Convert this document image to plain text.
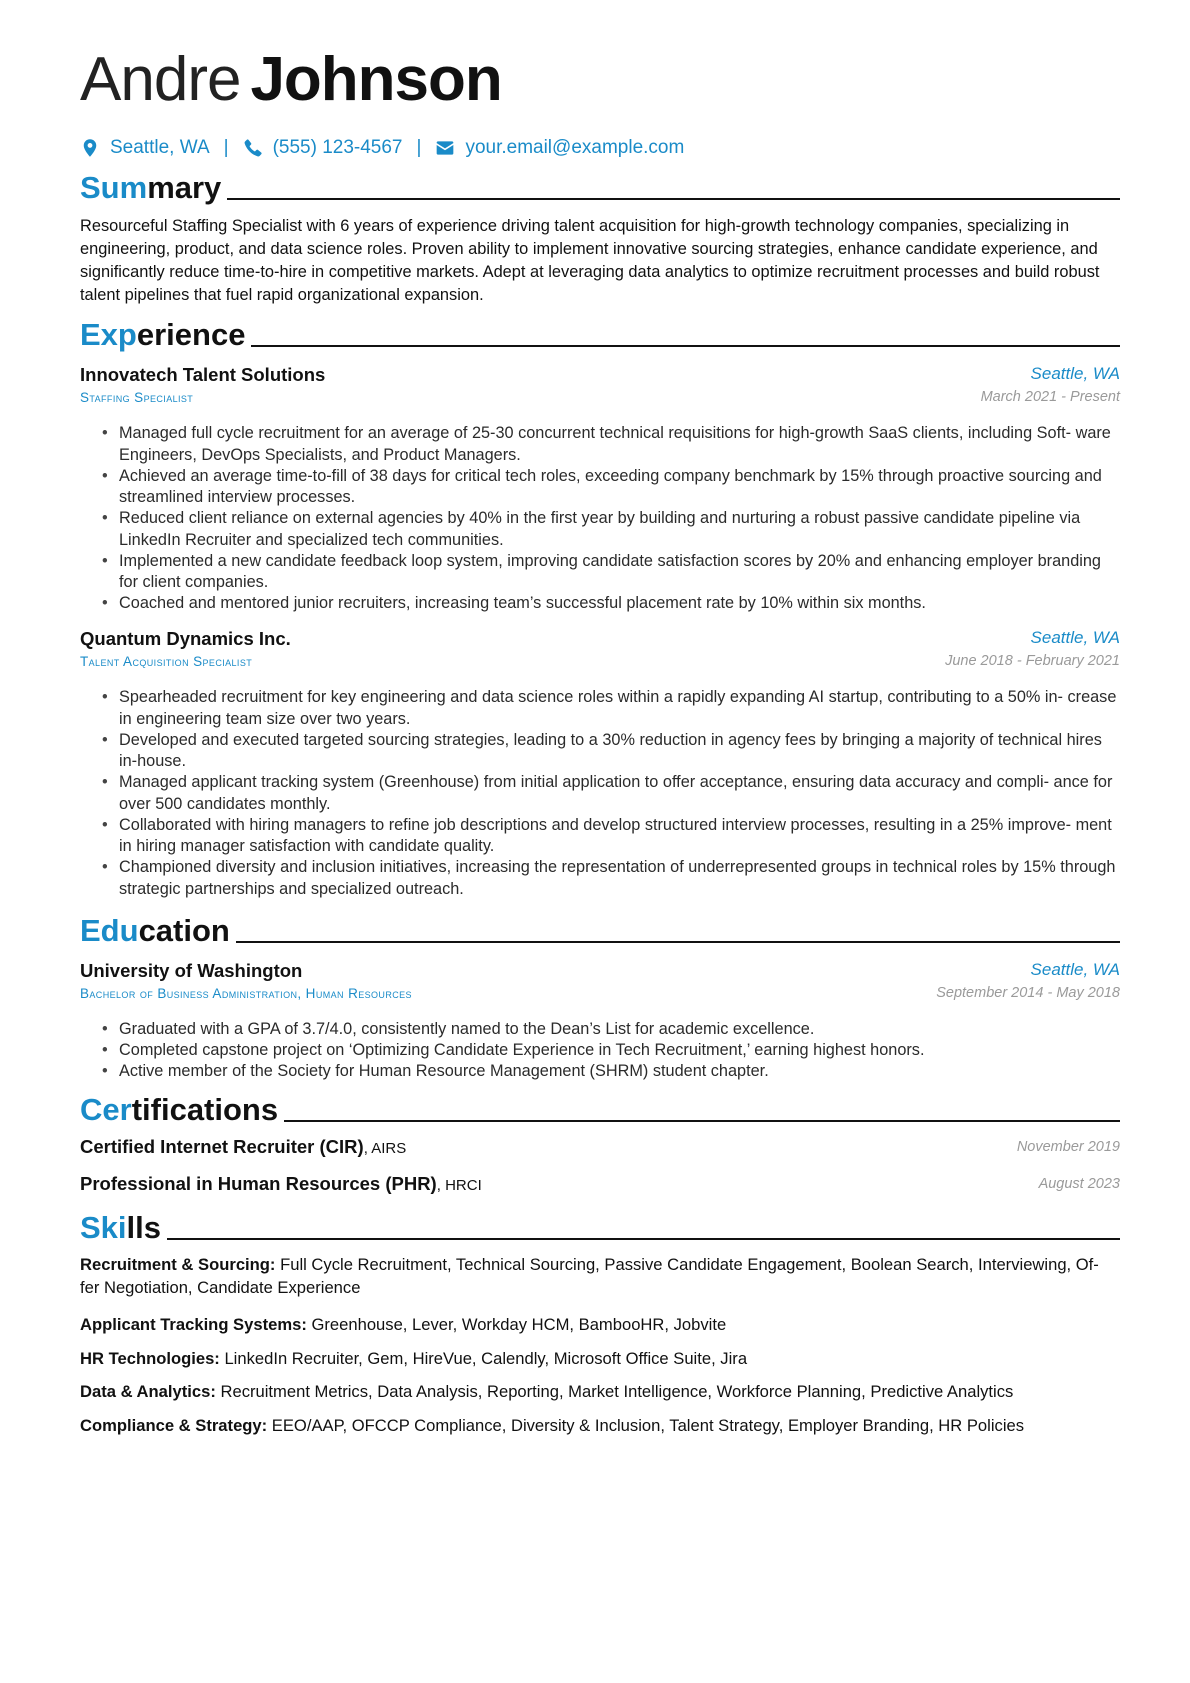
Andre Johnson
Seattle, WA | (555) 123-4567 | your.email@example.com
Summary
Resourceful Staffing Specialist with 6 years of experience driving talent acquisition for high-growth technology companies, specializing in engineering, product, and data science roles. Proven ability to implement innovative sourcing strategies, enhance candidate experience, and significantly reduce time-to-hire in competitive markets. Adept at leveraging data analytics to optimize recruitment processes and build robust talent pipelines that fuel rapid organizational expansion.
Experience
Innovatech Talent Solutions	Seattle, WA
Staffing Specialist	March 2021 - Present
• Managed full cycle recruitment for an average of 25-30 concurrent technical requisitions for high-growth SaaS clients, including Soft- ware Engineers, DevOps Specialists, and Product Managers.
• Achieved an average time-to-fill of 38 days for critical tech roles, exceeding company benchmark by 15% through proactive sourcing and streamlined interview processes.
• Reduced client reliance on external agencies by 40% in the first year by building and nurturing a robust passive candidate pipeline via LinkedIn Recruiter and specialized tech communities.
• Implemented a new candidate feedback loop system, improving candidate satisfaction scores by 20% and enhancing employer branding for client companies.
• Coached and mentored junior recruiters, increasing team’s successful placement rate by 10% within six months.
Quantum Dynamics Inc.	Seattle, WA
Talent Acquisition Specialist	June 2018 - February 2021
• Spearheaded recruitment for key engineering and data science roles within a rapidly expanding AI startup, contributing to a 50% in- crease in engineering team size over two years.
• Developed and executed targeted sourcing strategies, leading to a 30% reduction in agency fees by bringing a majority of technical hires in-house.
• Managed applicant tracking system (Greenhouse) from initial application to offer acceptance, ensuring data accuracy and compli- ance for over 500 candidates monthly.
• Collaborated with hiring managers to refine job descriptions and develop structured interview processes, resulting in a 25% improve- ment in hiring manager satisfaction with candidate quality.
• Championed diversity and inclusion initiatives, increasing the representation of underrepresented groups in technical roles by 15% through strategic partnerships and specialized outreach.
Education
University of Washington	Seattle, WA
Bachelor of Business Administration, Human Resources	September 2014 - May 2018
• Graduated with a GPA of 3.7/4.0, consistently named to the Dean’s List for academic excellence.
• Completed capstone project on ‘Optimizing Candidate Experience in Tech Recruitment,’ earning highest honors.
• Active member of the Society for Human Resource Management (SHRM) student chapter.
Certifications
Certified Internet Recruiter (CIR), AIRS	November 2019
Professional in Human Resources (PHR), HRCI	August 2023
Skills
Recruitment & Sourcing: Full Cycle Recruitment, Technical Sourcing, Passive Candidate Engagement, Boolean Search, Interviewing, Of- fer Negotiation, Candidate Experience
Applicant Tracking Systems: Greenhouse, Lever, Workday HCM, BambooHR, Jobvite
HR Technologies: LinkedIn Recruiter, Gem, HireVue, Calendly, Microsoft Office Suite, Jira
Data & Analytics: Recruitment Metrics, Data Analysis, Reporting, Market Intelligence, Workforce Planning, Predictive Analytics
Compliance & Strategy: EEO/AAP, OFCCP Compliance, Diversity & Inclusion, Talent Strategy, Employer Branding, HR Policies
